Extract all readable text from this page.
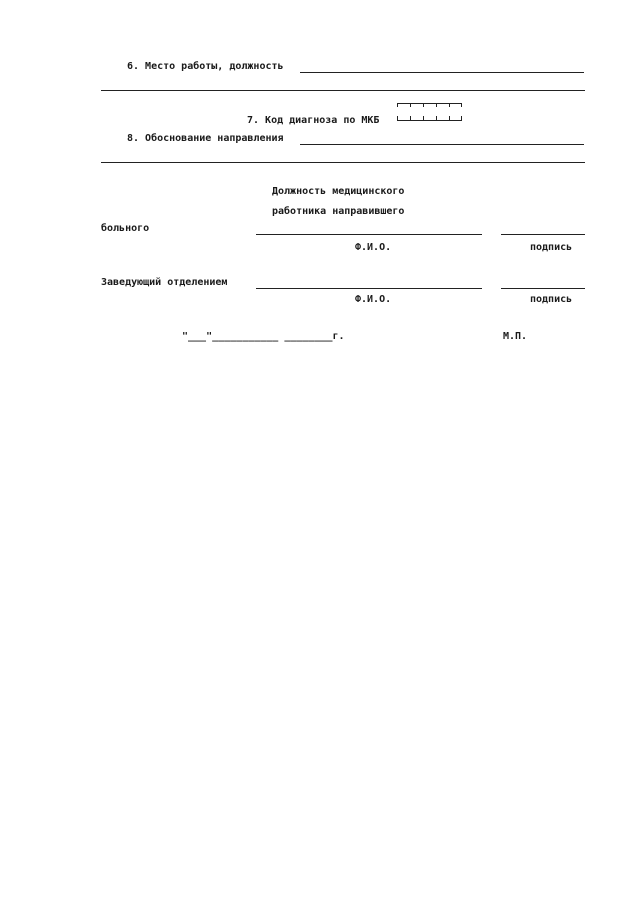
6. Место работы, должность
7. Код диагноза по МКБ
8. Обоснование направления
Должность медицинского
работника направившего
больного
Ф.И.О.	подпись
Заведующий отделением
Ф.И.О.	подпись
"___"___________ ________г.	М.П.
